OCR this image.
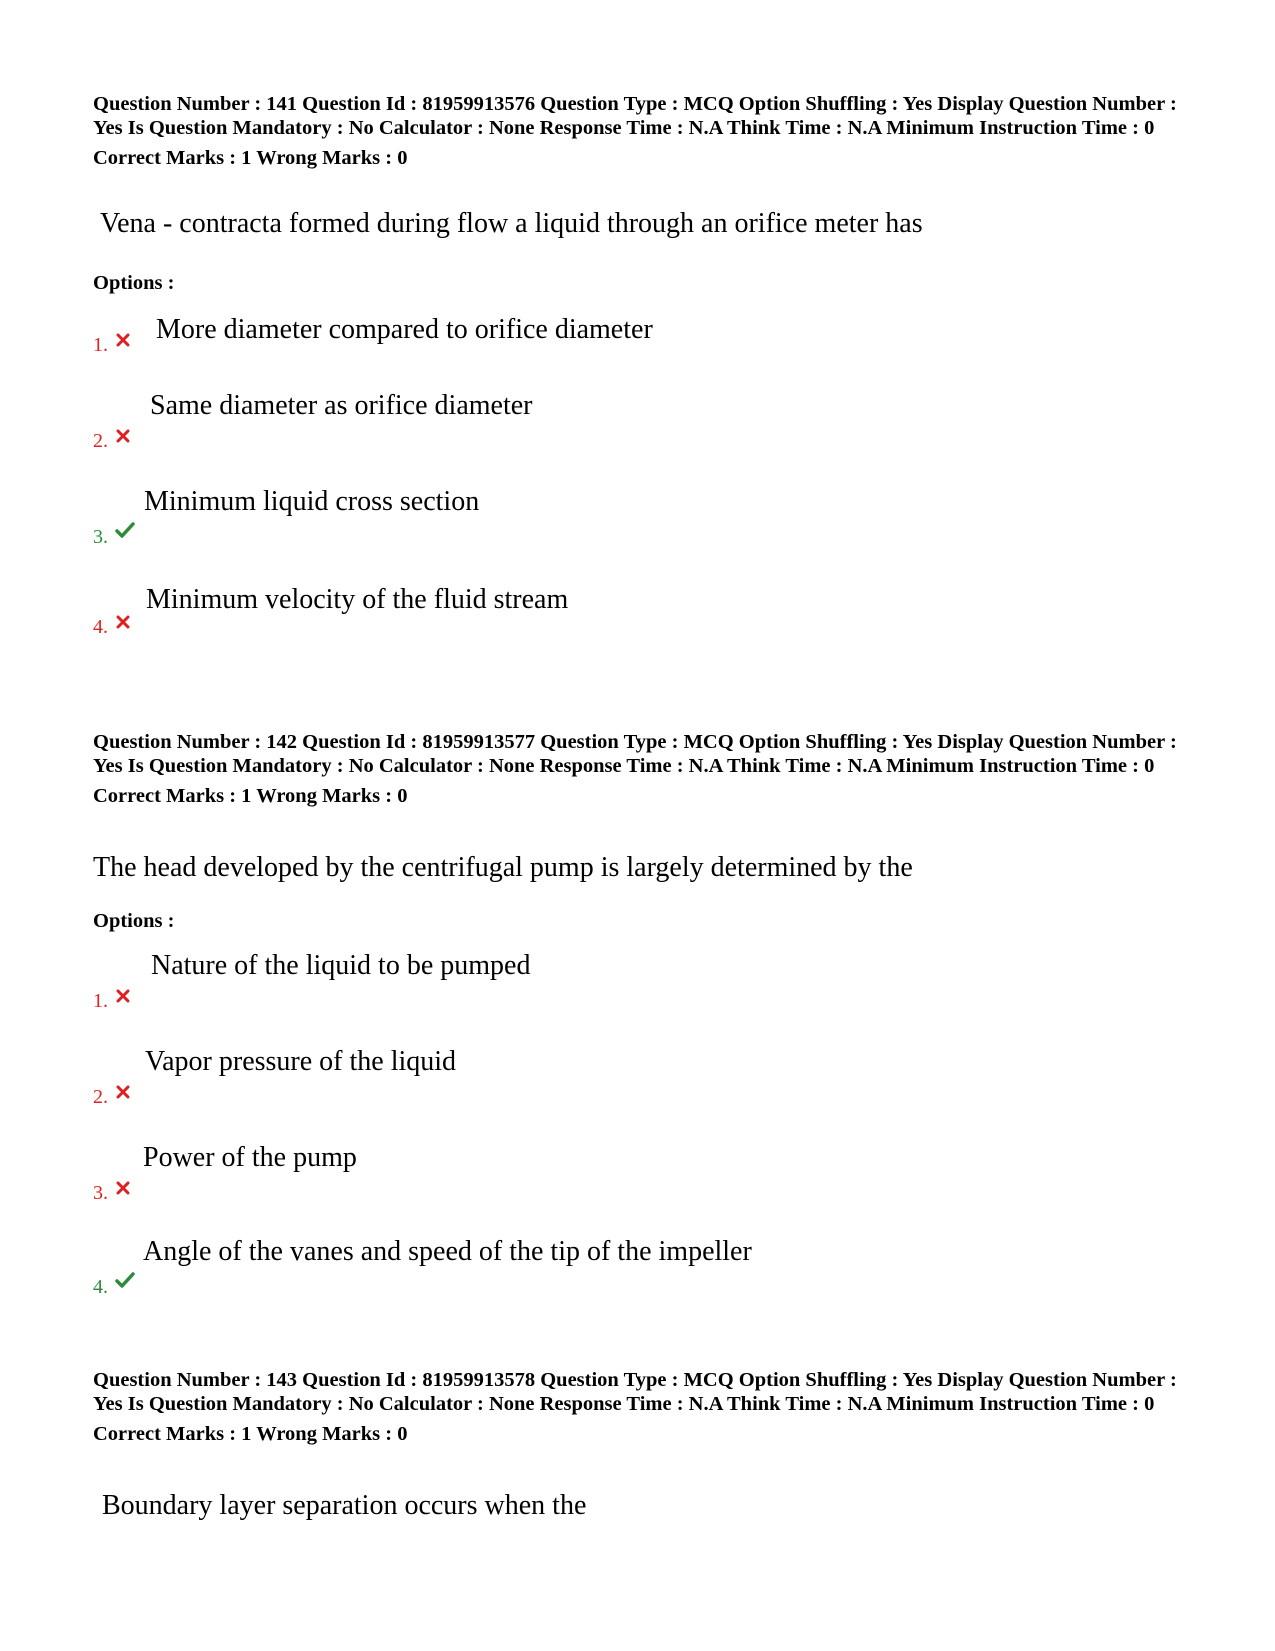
Question Number : 141 Question Id : 81959913576 Question Type : MCQ Option Shuffling : Yes Display Question Number : Yes Is Question Mandatory : No Calculator : None Response Time : N.A Think Time : N.A Minimum Instruction Time : 0

Correct Marks : 1 Wrong Marks : 0
Vena - contracta formed during flow a liquid through an orifice meter has
Options :
1. More diameter compared to orifice diameter
2.
Same diameter as orifice diameter
3.
Minimum liquid cross section
4.
Minimum velocity of the fluid stream

Question Number : 142 Question Id : 81959913577 Question Type : MCQ Option Shuffling : Yes Display Question Number : Yes Is Question Mandatory : No Calculator : None Response Time : N.A Think Time : N.A Minimum Instruction Time : 0

Correct Marks : 1 Wrong Marks : 0
The head developed by the centrifugal pump is largely determined by the
Options :
1.
Nature of the liquid to be pumped
2.
Vapor pressure of the liquid
3.
Power of the pump
4.
Angle of the vanes and speed of the tip of the impeller

Question Number : 143 Question Id : 81959913578 Question Type : MCQ Option Shuffling : Yes Display Question Number : Yes Is Question Mandatory : No Calculator : None Response Time : N.A Think Time : N.A Minimum Instruction Time : 0

Correct Marks : 1 Wrong Marks : 0
Boundary layer separation occurs when the
